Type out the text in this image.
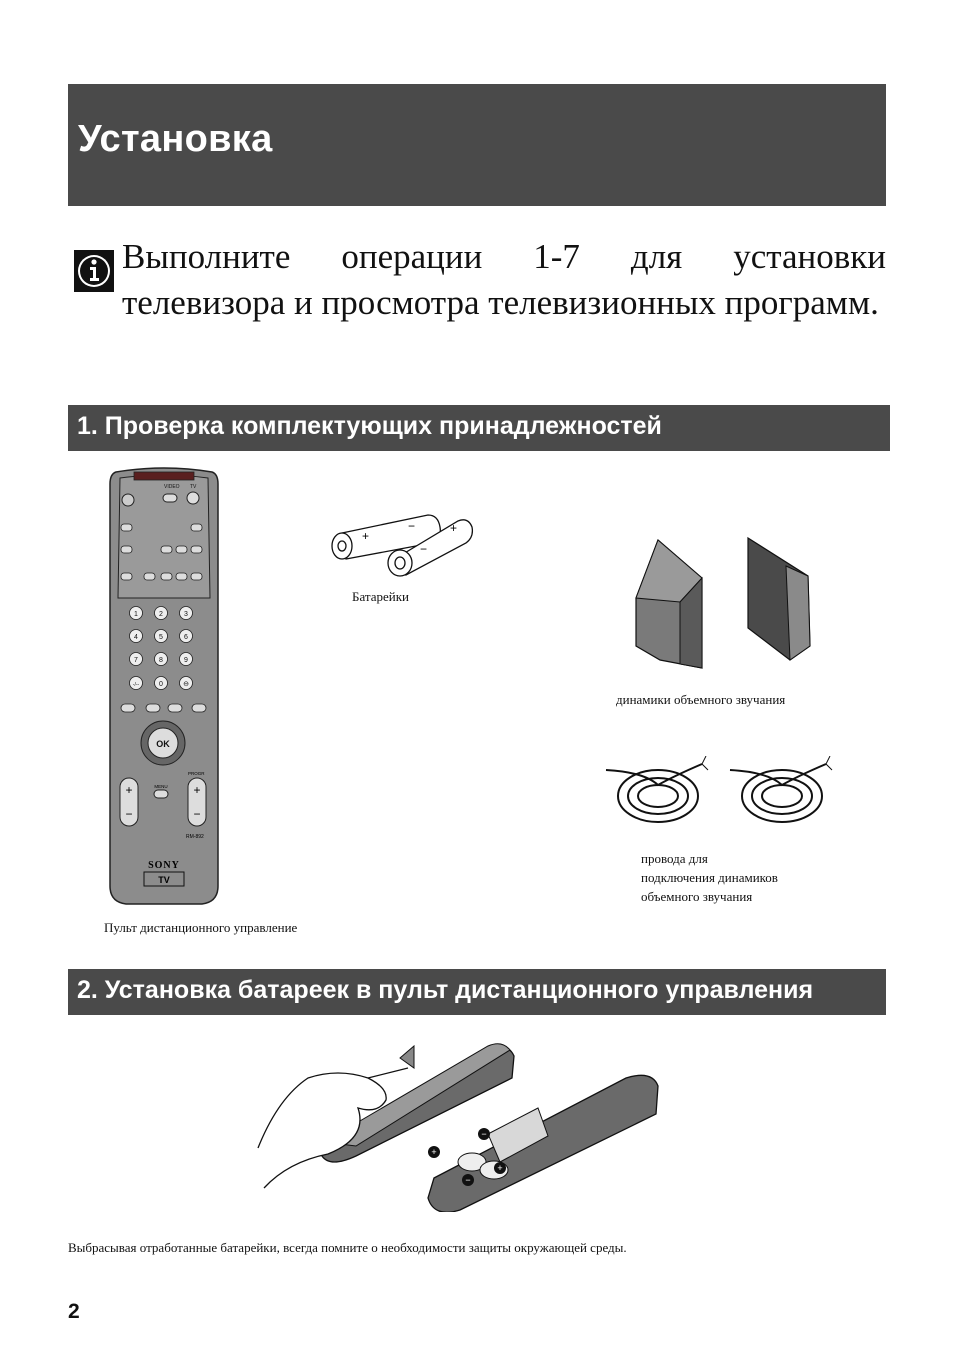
Установка

Выполните операции 1-7 для установки телевизора и просмотра телевизионных программ.

1. Проверка комплектующих принадлежностей
VIDEO TV
1	2	3
4	5	6
7	8	9
-/--	0	⊖
OK
+
−
+
−
MENU
PROGR
RM-892
SONY
TV
Пульт дистанционного управление
+
−	+
−
Батарейки
динамики объемного звучания
провода для
подключения динамиков
объемного звучания
2. Установка батареек в пульт дистанционного управления
+
−
−
+
Выбрасывая отработанные батарейки, всегда помните о необходимости защиты окружающей среды.
2
